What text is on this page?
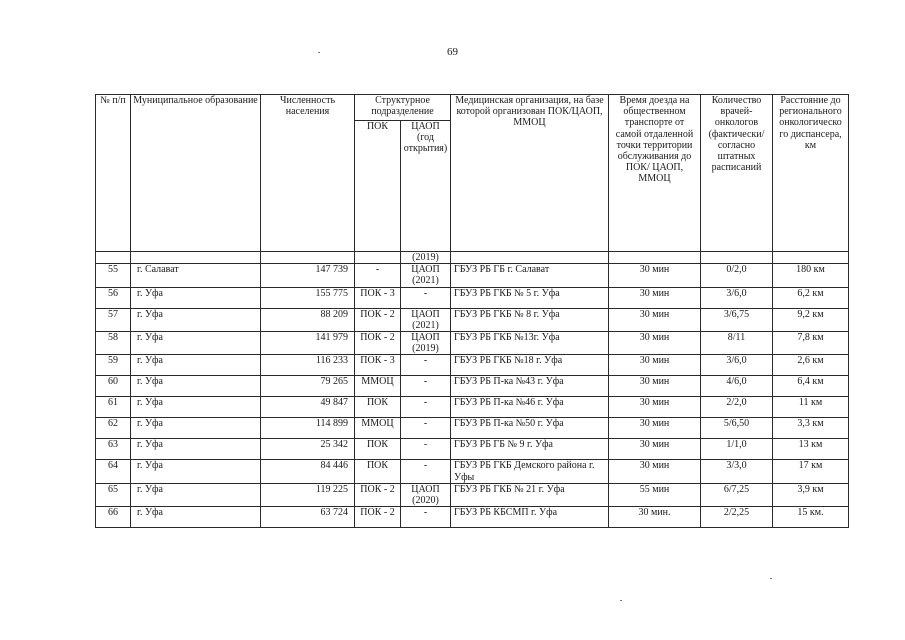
69
№ п/п	Муниципальное образование	Численность населения	Структурное подразделение		Медицинская организация, на базе которой организован ПОК/ЦАОП, ММОЦ	Время доезда на общественном транспорте от самой отдаленной точки территории обслуживания до ПОК/ ЦАОП, ММОЦ	Количество врачей-онкологов (фактически/ согласно штатных расписаний	Расстояние до регионального онкологическо го диспансера, км
			ПОК	ЦАОП (год открытия)				
				(2019)				
55	г. Салават	147 739	-	ЦАОП (2021)	ГБУЗ РБ ГБ г. Салават	30 мин	0/2,0	180 км
56	г. Уфа	155 775	ПОК - 3	-	ГБУЗ РБ ГКБ № 5 г. Уфа	30 мин	3/6,0	6,2 км
57	г. Уфа	88 209	ПОК - 2	ЦАОП (2021)	ГБУЗ РБ ГКБ № 8 г. Уфа	30 мин	3/6,75	9,2 км
58	г. Уфа	141 979	ПОК - 2	ЦАОП (2019)	ГБУЗ РБ ГКБ №13г. Уфа	30 мин	8/11	7,8 км
59	г. Уфа	116 233	ПОК - 3	-	ГБУЗ РБ ГКБ №18 г. Уфа	30 мин	3/6,0	2,6 км
60	г. Уфа	79 265	ММОЦ	-	ГБУЗ РБ П-ка №43 г. Уфа	30 мин	4/6,0	6,4 км
61	г. Уфа	49 847	ПОК	-	ГБУЗ РБ П-ка №46 г. Уфа	30 мин	2/2,0	11 км
62	г. Уфа	114 899	ММОЦ	-	ГБУЗ РБ П-ка №50 г. Уфа	30 мин	5/6,50	3,3 км
63	г. Уфа	25 342	ПОК	-	ГБУЗ РБ ГБ № 9 г. Уфа	30 мин	1/1,0	13 км
64	г. Уфа	84 446	ПОК	-	ГБУЗ РБ ГКБ Демского района г. Уфы	30 мин	3/3,0	17 км
65	г. Уфа	119 225	ПОК - 2	ЦАОП (2020)	ГБУЗ РБ ГКБ № 21 г. Уфа	55 мин	6/7,25	3,9 км
66	г. Уфа	63 724	ПОК - 2	-	ГБУЗ РБ КБСМП г. Уфа	30 мин.	2/2,25	15 км.
